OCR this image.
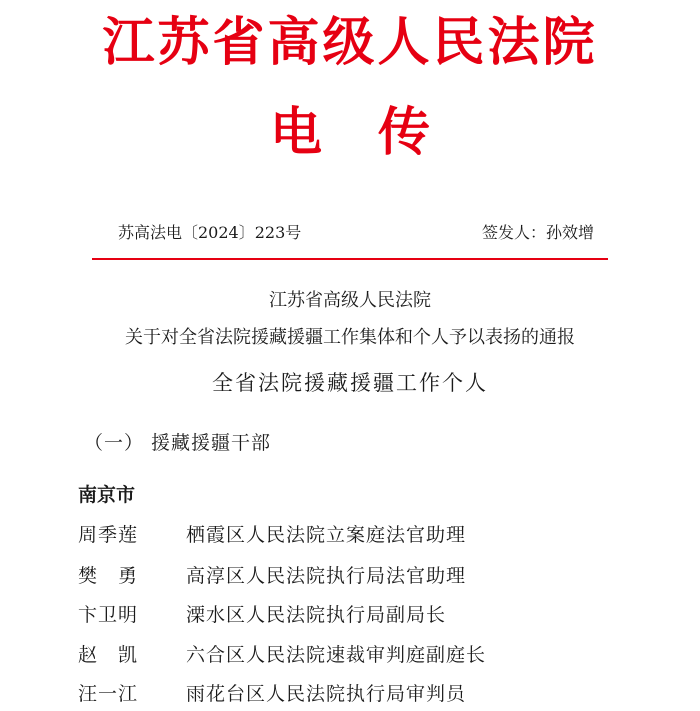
江苏省高级人民法院
电 传
苏高法电〔2024〕223号	签发人：孙效增
江苏省高级人民法院
关于对全省法院援藏援疆工作集体和个人予以表扬的通报
全省法院援藏援疆工作个人
（一） 援藏援疆干部
南京市
周季莲	栖霞区人民法院立案庭法官助理
樊　勇	高淳区人民法院执行局法官助理
卞卫明	溧水区人民法院执行局副局长
赵　凯	六合区人民法院速裁审判庭副庭长
汪一江	雨花台区人民法院执行局审判员
